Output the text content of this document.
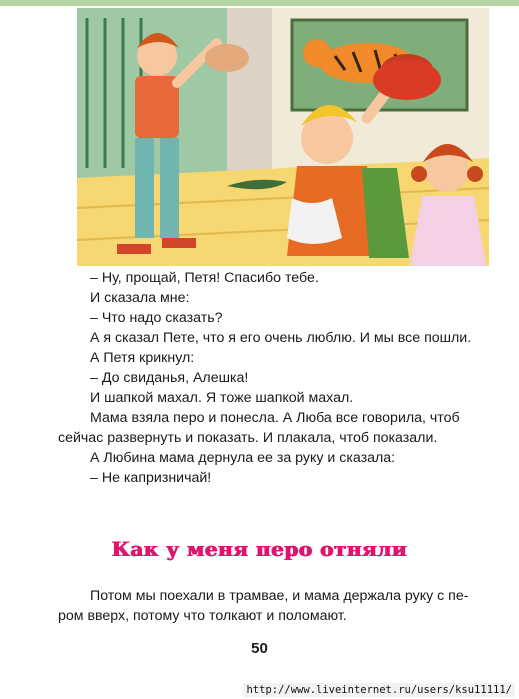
– Ну, прощай, Петя! Спасибо тебе.

И сказала мне:

– Что надо сказать?

А я сказал Пете, что я его очень люблю. И мы все пошли.

А Петя крикнул:

– До свиданья, Алешка!

И шапкой махал. Я тоже шапкой махал.

Мама взяла перо и понесла. А Люба все говорила, чтоб

сейчас развернуть и показать. И плакала, чтоб показали.

А Любина мама дернула ее за руку и сказала:

– Не капризничай!

Как у меня перо отняли

Потом мы поехали в трамвае, и мама держала руку с пе-

ром вверх, потому что толкают и поломают.

50
http://www.liveinternet.ru/users/ksu11111/
